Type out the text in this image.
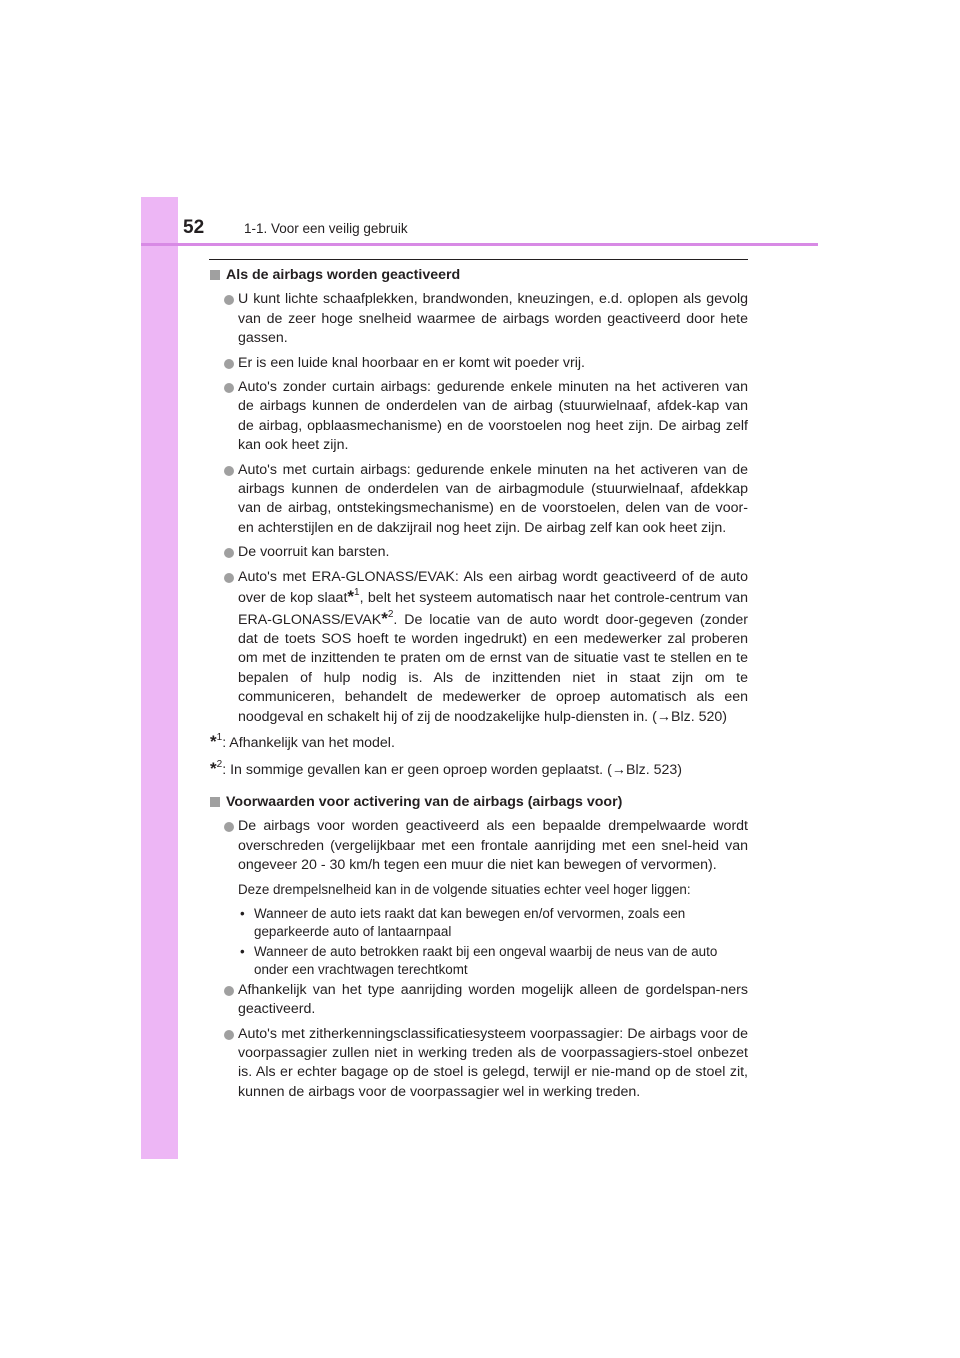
52	1-1. Voor een veilig gebruik
Als de airbags worden geactiveerd

U kunt lichte schaafplekken, brandwonden, kneuzingen, e.d. oplopen als gevolg van de zeer hoge snelheid waarmee de airbags worden geactiveerd door hete gassen.

Er is een luide knal hoorbaar en er komt wit poeder vrij.

Auto's zonder curtain airbags: gedurende enkele minuten na het activeren van de airbags kunnen de onderdelen van de airbag (stuurwielnaaf, afdek-kap van de airbag, opblaasmechanisme) en de voorstoelen nog heet zijn. De airbag zelf kan ook heet zijn.

Auto's met curtain airbags: gedurende enkele minuten na het activeren van de airbags kunnen de onderdelen van de airbagmodule (stuurwielnaaf, afdekkap van de airbag, ontstekingsmechanisme) en de voorstoelen, delen van de voor- en achterstijlen en de dakzijrail nog heet zijn. De airbag zelf kan ook heet zijn.

De voorruit kan barsten.

Auto's met ERA-GLONASS/EVAK: Als een airbag wordt geactiveerd of de auto over de kop slaat*$^1$, belt het systeem automatisch naar het controle-centrum van ERA-GLONASS/EVAK*$^2$. De locatie van de auto wordt door-gegeven (zonder dat de toets SOS hoeft te worden ingedrukt) en een medewerker zal proberen om met de inzittenden te praten om de ernst van de situatie vast te stellen en te bepalen of hulp nodig is. Als de inzittenden niet in staat zijn om te communiceren, behandelt de medewerker de oproep automatisch als een noodgeval en schakelt hij of zij de noodzakelijke hulp-diensten in. (→Blz. 520)

*$^1$: Afhankelijk van het model.
*$^2$: In sommige gevallen kan er geen oproep worden geplaatst. (→Blz. 523)
Voorwaarden voor activering van de airbags (airbags voor)

De airbags voor worden geactiveerd als een bepaalde drempelwaarde wordt overschreden (vergelijkbaar met een frontale aanrijding met een snel-heid van ongeveer 20 - 30 km/h tegen een muur die niet kan bewegen of vervormen).

Deze drempelsnelheid kan in de volgende situaties echter veel hoger liggen:
• Wanneer de auto iets raakt dat kan bewegen en/of vervormen, zoals een geparkeerde auto of lantaarnpaal
• Wanneer de auto betrokken raakt bij een ongeval waarbij de neus van de auto onder een vrachtwagen terechtkomt

Afhankelijk van het type aanrijding worden mogelijk alleen de gordelspan-ners geactiveerd.

Auto's met zitherkenningsclassificatiesysteem voorpassagier: De airbags voor de voorpassagier zullen niet in werking treden als de voorpassagiers-stoel onbezet is. Als er echter bagage op de stoel is gelegd, terwijl er nie-mand op de stoel zit, kunnen de airbags voor de voorpassagier wel in werking treden.
